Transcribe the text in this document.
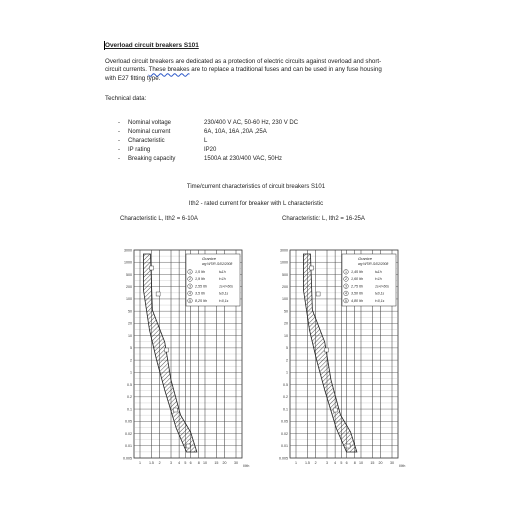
Overload circuit breakers S101
Overload circuit breakers are dedicated as a protection of electric circuits against overload and short-
circuit currents. These breakes are to replace a traditional fuses and can be used in any fuse housing
with E27 fitting type.
Technical data:
- Nominal voltage	230/400 V AC, 50-60 Hz, 230 V DC
- Nominal current	6A, 10A, 16A ,20A ,25A
- Characteristic	L
- IP rating	IP20
- Breaking capacity	1500A at 230/400 VAC, 50Hz
Time/current characteristics of circuit breakers S101
Ith2 - rated current for breaker with L characteristic
Characteristic L, Ith2 = 6-10A	Characteristic: L, Ith2 = 16-25A
3000
1000
500
200
100
50
20
10
5
2
1
0.5
0.2
0.1
0.05
0.02
0.01
0.005
1 1.5 2	3 4 5 6 8 10 15 20 30
I/Ith
Granice
wg WTiR-S/02/2008
1 1,5 Ith	t≤1h
2 1,9 Ith	t<1h
3 2,55 Ith	1s<t<60s
4 3,5 Ith	t≤0,1s
5 8,25 Ith	t<0,1s
3000
1000
500
200
100
50
20
10
5
2
1
0.5
0.2
0.1
0.05
0.02
0.01
0.005
1 1.5 2	3 4 5 6 8 10 15 20 30
I/Ith
Granice
wg WTiR-S/02/2008
1 1,45 Ith	t≤1h
2 1,60 Ith	t<1h
3 2,75 Ith	1s<t<60s
4 3,50 Ith	t≤0,1s
5 4,80 Ith	t<0,1s
